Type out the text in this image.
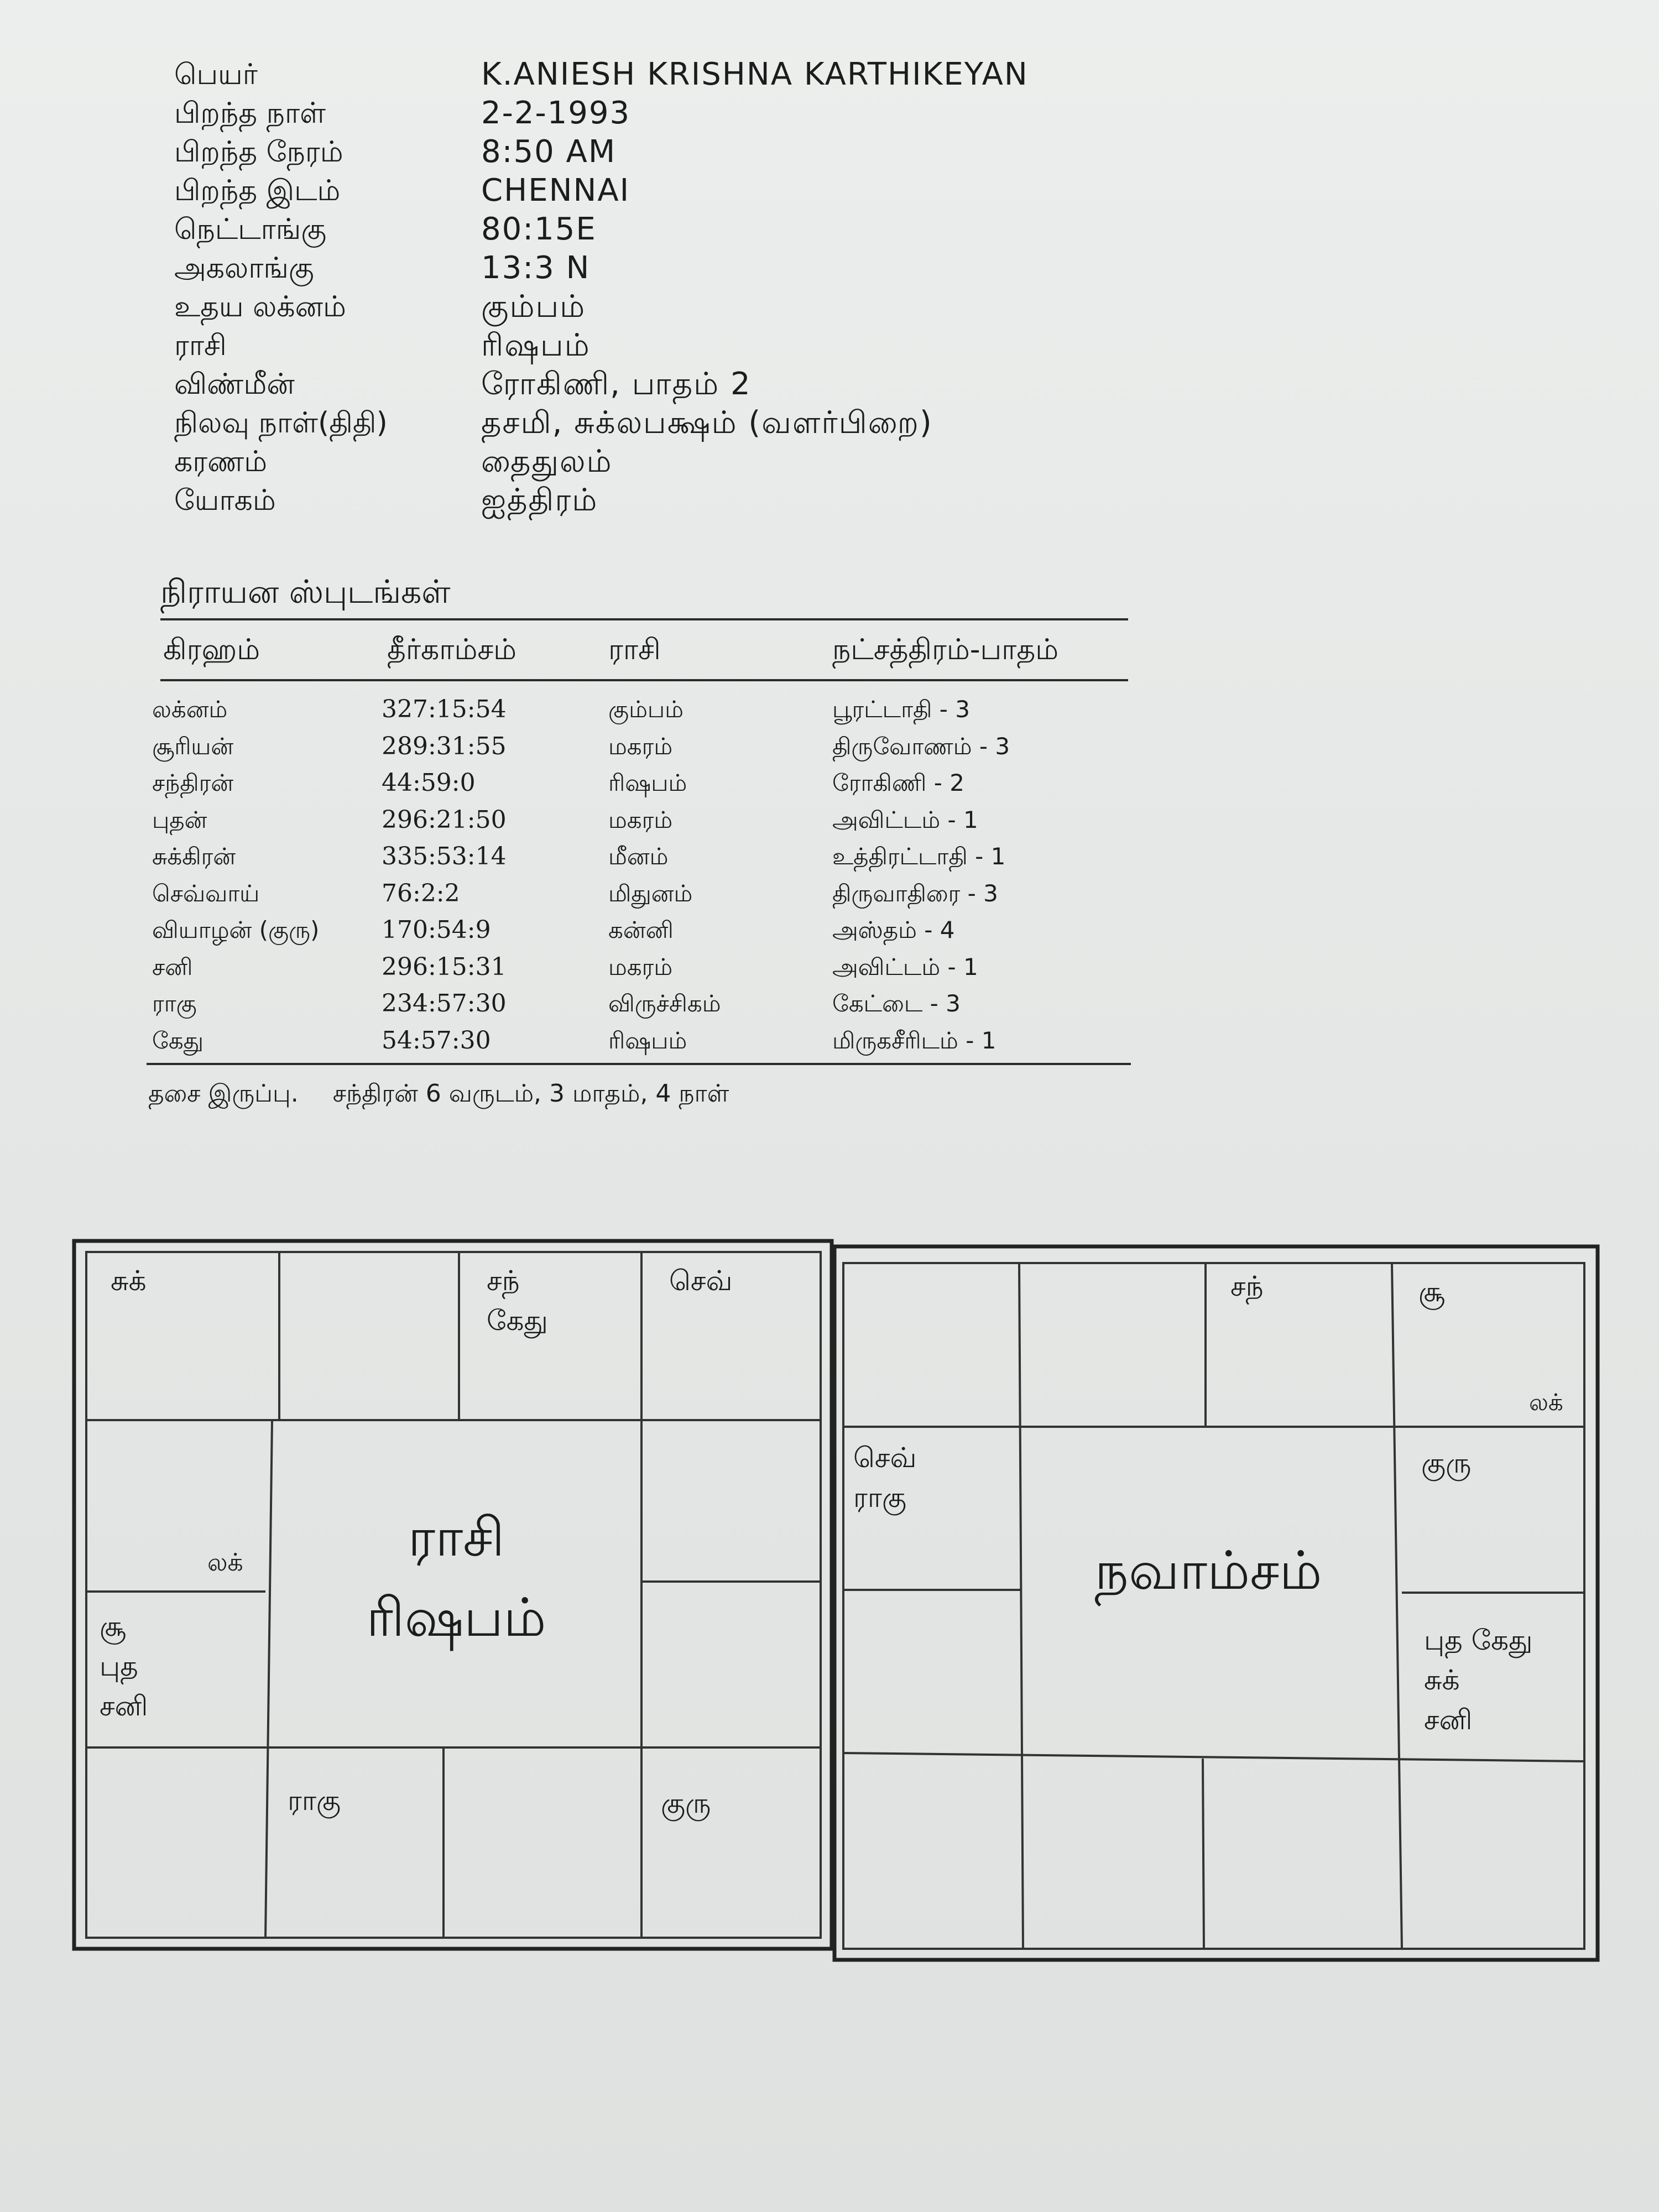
பெயர்	K.ANIESH KRISHNA KARTHIKEYAN
பிறந்த நாள்	2-2-1993
பிறந்த நேரம்	8:50 AM
பிறந்த இடம்	CHENNAI
நெட்டாங்கு	80:15E
அகலாங்கு	13:3 N
உதய லக்னம்	கும்பம்
ராசி	ரிஷபம்
விண்மீன்	ரோகிணி, பாதம் 2
நிலவு நாள்(திதி)	தசமி, சுக்லபக்ஷம் (வளர்பிறை)
கரணம்	தைதுலம்
யோகம்	ஐத்திரம்
நிராயன ஸ்புடங்கள்
கிரஹம்	தீர்காம்சம்	ராசி	நட்சத்திரம்-பாதம்
லக்னம்	327:15:54	கும்பம்	பூரட்டாதி - 3
சூரியன்	289:31:55	மகரம்	திருவோணம் - 3
சந்திரன்	44:59:0	ரிஷபம்	ரோகிணி - 2
புதன்	296:21:50	மகரம்	அவிட்டம் - 1
சுக்கிரன்	335:53:14	மீனம்	உத்திரட்டாதி - 1
செவ்வாய்	76:2:2	மிதுனம்	திருவாதிரை - 3
வியாழன் (குரு)	170:54:9	கன்னி	அஸ்தம் - 4
சனி	296:15:31	மகரம்	அவிட்டம் - 1
ராகு	234:57:30	விருச்சிகம்	கேட்டை - 3
கேது	54:57:30	ரிஷபம்	மிருகசீரிடம் - 1
தசை இருப்பு. சந்திரன் 6 வருடம், 3 மாதம், 4 நாள்
சுக்	சந்
கேது
செவ்
லக்
சூ
புத
சனி
ராகு	குரு
ராசி
ரிஷபம்
சந்	சூ
லக்
செவ்
ராகு
குரு
புத கேது
சுக்
சனி
நவாம்சம்
